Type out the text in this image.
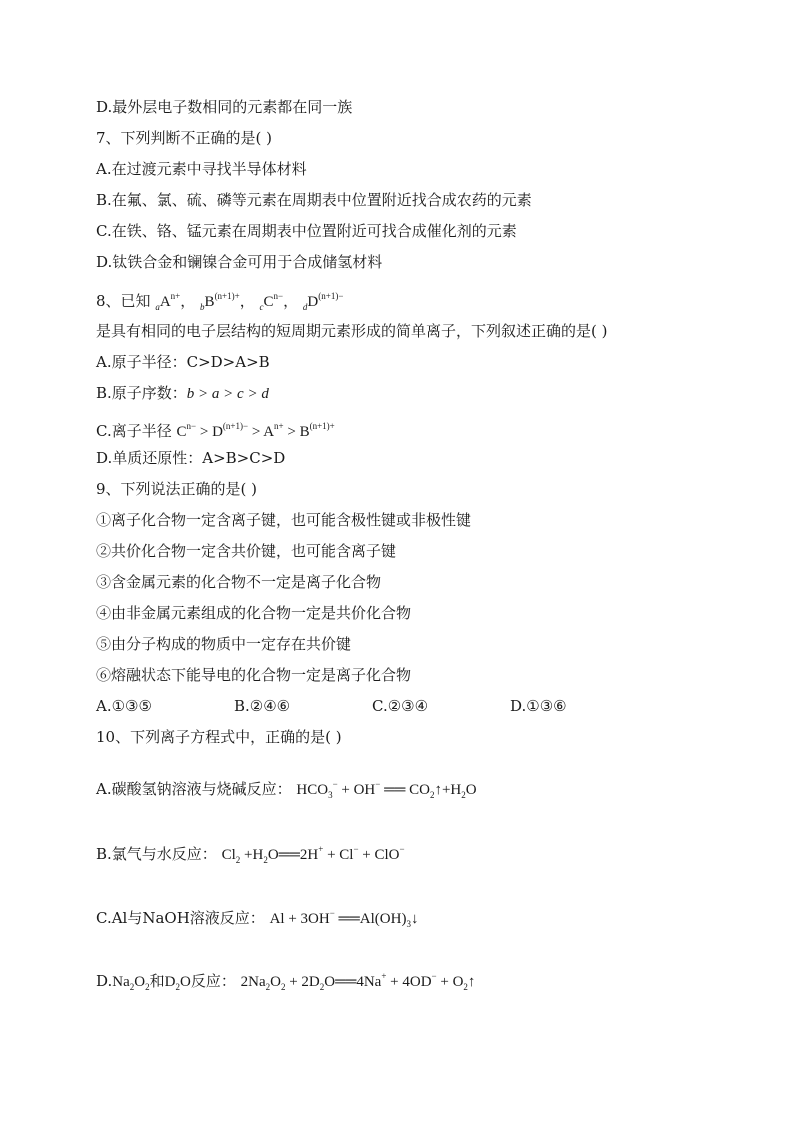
D.最外层电子数相同的元素都在同一族
7、下列判断不正确的是( )
A.在过渡元素中寻找半导体材料
B.在氟、氯、硫、磷等元素在周期表中位置附近找合成农药的元素
C.在铁、铬、锰元素在周期表中位置附近可找合成催化剂的元素
D.钛铁合金和镧镍合金可用于合成储氢材料
8、已知 $_aA^{n+}$， $_bB^{(n+1)+}$， $_cC^{n-}$， $_dD^{(n+1)-}$
是具有相同的电子层结构的短周期元素形成的简单离子，下列叙述正确的是( )
A.原子半径：C>D>A>B
B.原子序数：b > a > c > d
C.离子半径 $C^{n-} > D^{(n+1)-} > A^{n+} > B^{(n+1)+}$
D.单质还原性：A>B>C>D
9、下列说法正确的是( )
①离子化合物一定含离子键，也可能含极性键或非极性键
②共价化合物一定含共价键，也可能含离子键
③含金属元素的化合物不一定是离子化合物
④由非金属元素组成的化合物一定是共价化合物
⑤由分子构成的物质中一定存在共价键
⑥熔融状态下能导电的化合物一定是离子化合物
A.①③⑤	B.②④⑥	C.②③④	D.①③⑥
10、下列离子方程式中，正确的是( )
A.碳酸氢钠溶液与烧碱反应： $HCO_3^- + OH^-$ ══ $CO_2↑+H_2O$
B.氯气与水反应： $Cl_2$ $+H_2O══2H^+ + Cl^- + ClO^-$
C.Al与NaOH溶液反应： Al + 3OH− $══Al(OH)_3↓$
$D.Na_2O_2$和$D_2O$反应： $2Na_2O_2$ + $2D_2O══4Na^+ + 4OD^-$ + $O_2↑$
